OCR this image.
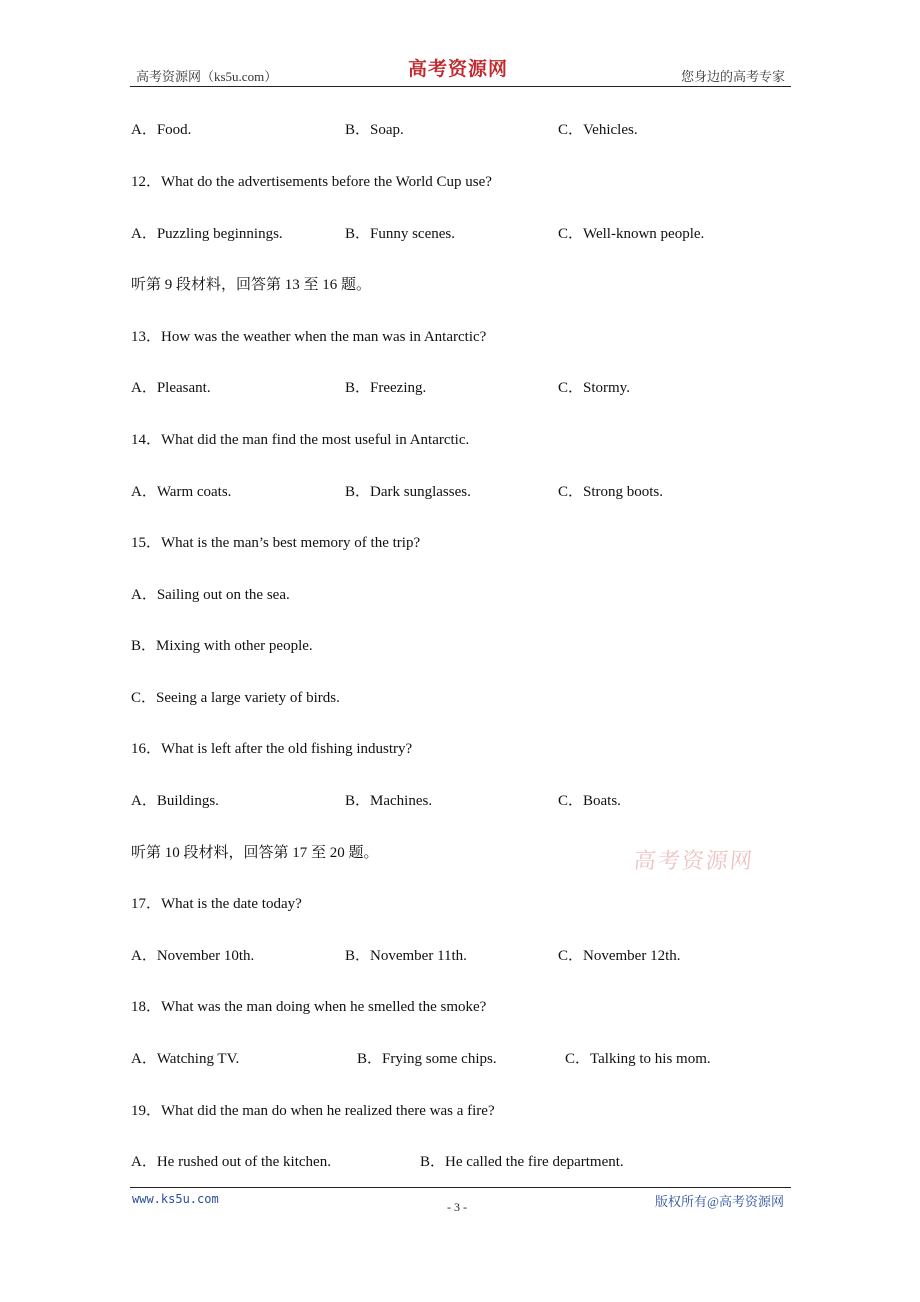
高考资源网（ks5u.com）	高考资源网	您身边的高考专家
A．Food.	B．Soap.	C．Vehicles.
12．What do the advertisements before the World Cup use?
A．Puzzling beginnings.	B．Funny scenes.	C．Well-known people.
听第 9 段材料，回答第 13 至 16 题。
13．How was the weather when the man was in Antarctic?
A．Pleasant.	B．Freezing.	C．Stormy.
14．What did the man find the most useful in Antarctic.
A．Warm coats.	B．Dark sunglasses.	C．Strong boots.
15．What is the man’s best memory of the trip?
A．Sailing out on the sea.
B．Mixing with other people.
C．Seeing a large variety of birds.
16．What is left after the old fishing industry?
A．Buildings.	B．Machines.	C．Boats.
听第 10 段材料，回答第 17 至 20 题。	高考资源网
17．What is the date today?
A．November 10th.	B．November 11th.	C．November 12th.
18．What was the man doing when he smelled the smoke?
A．Watching TV.	B．Frying some chips.	C．Talking to his mom.
19．What did the man do when he realized there was a fire?
A．He rushed out of the kitchen.	B．He called the fire department.
www.ks5u.com
- 3 -	版权所有@高考资源网
